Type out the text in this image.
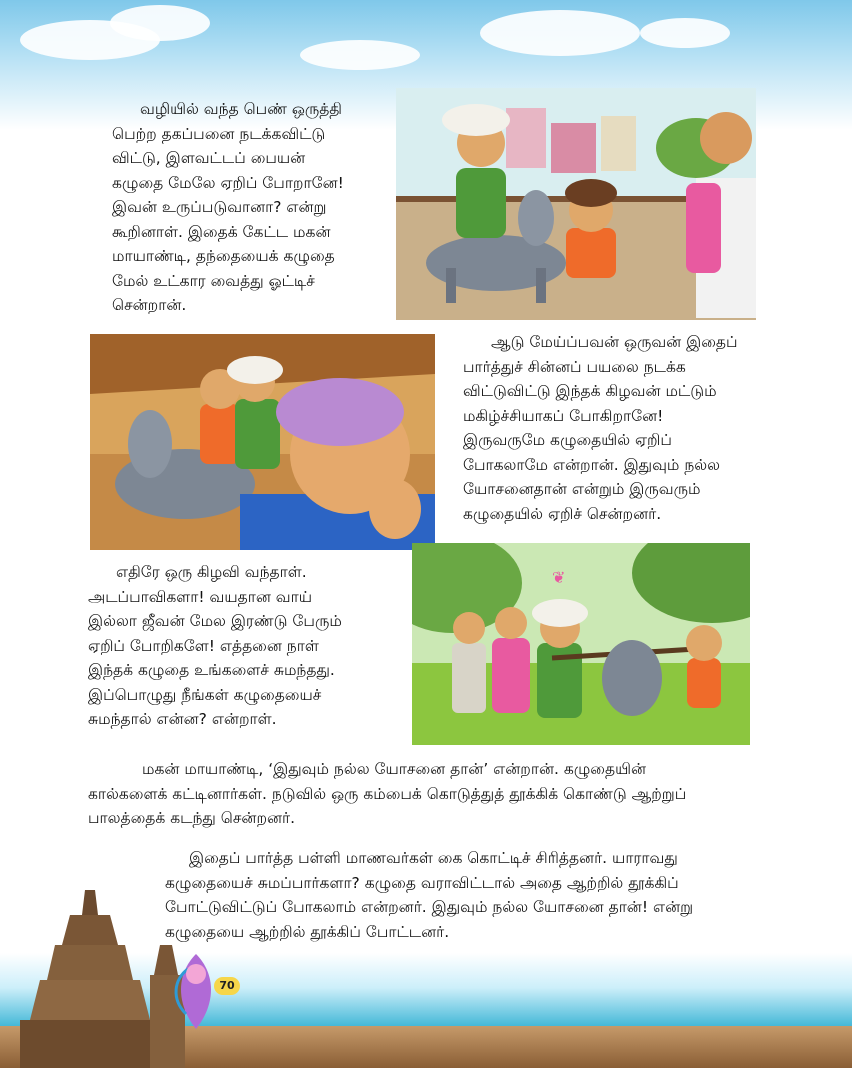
வழியில் வந்த பெண் ஒருத்தி

பெற்ற தகப்பனை நடக்கவிட்டு

விட்டு, இளவட்டப் பையன்

கழுதை மேலே ஏறிப் போறானே!

இவன் உருப்படுவானா? என்று

கூறினாள். இதைக் கேட்ட மகன்

மாயாண்டி, தந்தையைக் கழுதை

மேல் உட்கார வைத்து ஓட்டிச்

சென்றான்.

ஆடு மேய்ப்பவன் ஒருவன் இதைப்

பார்த்துச் சின்னப் பயலை நடக்க

விட்டுவிட்டு இந்தக் கிழவன் மட்டும்

மகிழ்ச்சியாகப் போகிறானே!

இருவருமே கழுதையில் ஏறிப்

போகலாமே என்றான். இதுவும் நல்ல

யோசனைதான் என்றும் இருவரும்

கழுதையில் ஏறிச் சென்றனர்.

எதிரே ஒரு கிழவி வந்தாள்.

அடப்பாவிகளா! வயதான வாய்

இல்லா ஜீவன் மேல இரண்டு பேரும்

ஏறிப் போறிகளே! எத்தனை நாள்

இந்தக் கழுதை உங்களைச் சுமந்தது.

இப்பொழுது நீங்கள் கழுதையைச்

சுமந்தால் என்ன? என்றாள்.

❦

மகன் மாயாண்டி, ‘இதுவும் நல்ல யோசனை தான்’ என்றான். கழுதையின்

கால்களைக் கட்டினார்கள். நடுவில் ஒரு கம்பைக் கொடுத்துத் தூக்கிக் கொண்டு ஆற்றுப்

பாலத்தைக் கடந்து சென்றனர்.

இதைப் பார்த்த பள்ளி மாணவர்கள் கை கொட்டிச் சிரித்தனர். யாராவது

கழுதையைச் சுமப்பார்களா? கழுதை வராவிட்டால் அதை ஆற்றில் தூக்கிப்

போட்டுவிட்டுப் போகலாம் என்றனர். இதுவும் நல்ல யோசனை தான்! என்று

கழுதையை ஆற்றில் தூக்கிப் போட்டனர்.

70
